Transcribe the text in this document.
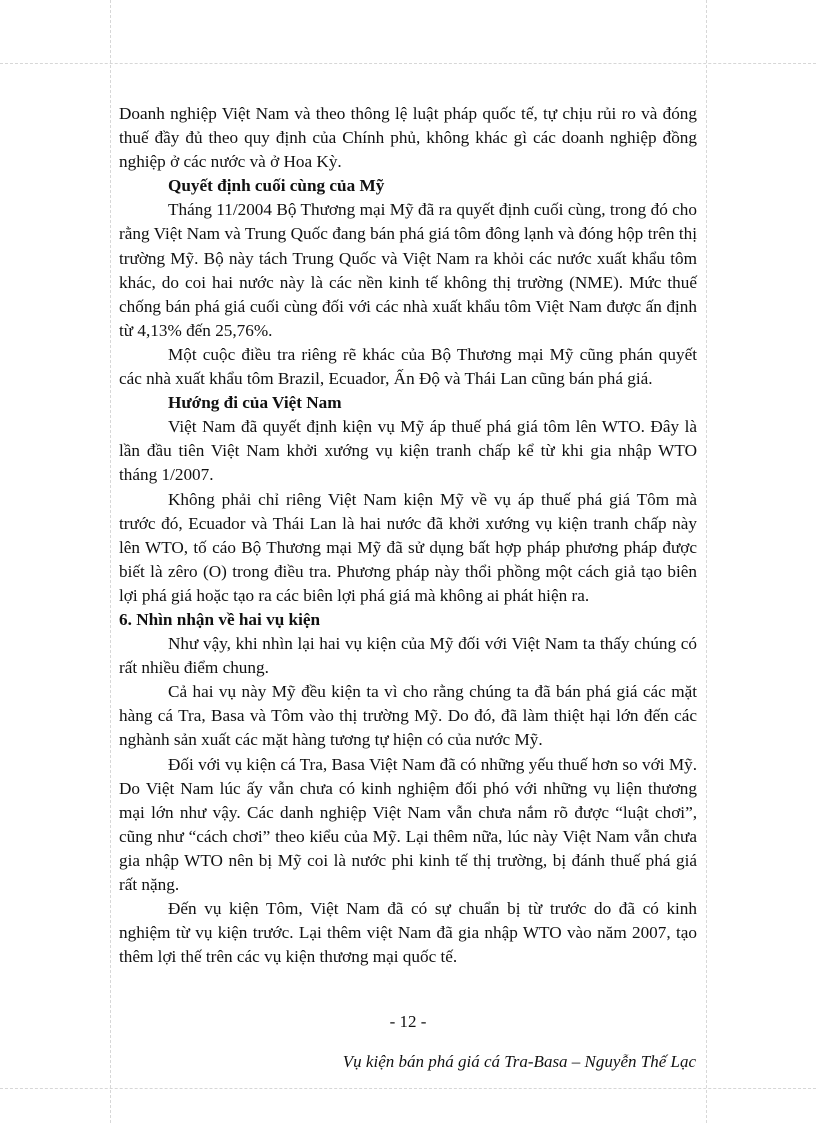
Doanh nghiệp Việt Nam và theo thông lệ luật pháp quốc tế, tự chịu rủi ro và đóng thuế đầy đủ theo quy định của Chính phủ, không khác gì các doanh nghiệp đồng nghiệp ở các nước và ở Hoa Kỳ.

Quyết định cuối cùng của Mỹ

Tháng 11/2004 Bộ Thương mại Mỹ đã ra quyết định cuối cùng, trong đó cho rằng Việt Nam và Trung Quốc đang bán phá giá tôm đông lạnh và đóng hộp trên thị trường Mỹ. Bộ này tách Trung Quốc và Việt Nam ra khỏi các nước xuất khẩu tôm khác, do coi hai nước này là các nền kinh tế không thị trường (NME). Mức thuế chống bán phá giá cuối cùng đối với các nhà xuất khẩu tôm Việt Nam được ấn định từ 4,13% đến 25,76%.

Một cuộc điều tra riêng rẽ khác của Bộ Thương mại Mỹ cũng phán quyết các nhà xuất khẩu tôm Brazil, Ecuador, Ấn Độ và Thái Lan cũng bán phá giá.

Hướng đi của Việt Nam

Việt Nam đã quyết định kiện vụ Mỹ áp thuế phá giá tôm lên WTO. Đây là lần đầu tiên Việt Nam khởi xướng vụ kiện tranh chấp kể từ khi gia nhập WTO tháng 1/2007.

Không phải chỉ riêng Việt Nam kiện Mỹ về vụ áp thuế phá giá Tôm mà trước đó, Ecuador và Thái Lan là hai nước đã khởi xướng vụ kiện tranh chấp này lên WTO, tố cáo Bộ Thương mại Mỹ đã sử dụng bất hợp pháp phương pháp được biết là zêro (O) trong điều tra. Phương pháp này thổi phồng một cách giả tạo biên lợi phá giá hoặc tạo ra các biên lợi phá giá mà không ai phát hiện ra.

6. Nhìn nhận về hai vụ kiện

Như vậy, khi nhìn lại hai vụ kiện của Mỹ đối với Việt Nam ta thấy chúng có rất nhiều điểm chung.

Cả hai vụ này Mỹ đều kiện ta vì cho rằng chúng ta đã bán phá giá các mặt hàng cá Tra, Basa và Tôm vào thị trường Mỹ. Do đó, đã làm thiệt hại lớn đến các nghành sản xuất các mặt hàng tương tự hiện có của nước Mỹ.

Đối với vụ kiện cá Tra, Basa Việt Nam đã có những yếu thuế hơn so với Mỹ. Do Việt Nam lúc ấy vẫn chưa có kinh nghiệm đối phó với những vụ liện thương mại lớn như vậy. Các danh nghiệp Việt Nam vẫn chưa nắm rõ được “luật chơi”, cũng như “cách chơi” theo kiểu của Mỹ. Lại thêm nữa, lúc này Việt Nam vẫn chưa gia nhập WTO nên bị Mỹ coi là nước phi kinh tế thị trường, bị đánh thuế phá giá rất nặng.

Đến vụ kiện Tôm, Việt Nam đã có sự chuẩn bị từ trước do đã có kinh nghiệm từ vụ kiện trước. Lại thêm việt Nam đã gia nhập WTO vào năm 2007, tạo thêm lợi thế trên các vụ kiện thương mại quốc tế.

- 12 -
Vụ kiện bán phá giá cá Tra-Basa – Nguyễn Thế Lạc
